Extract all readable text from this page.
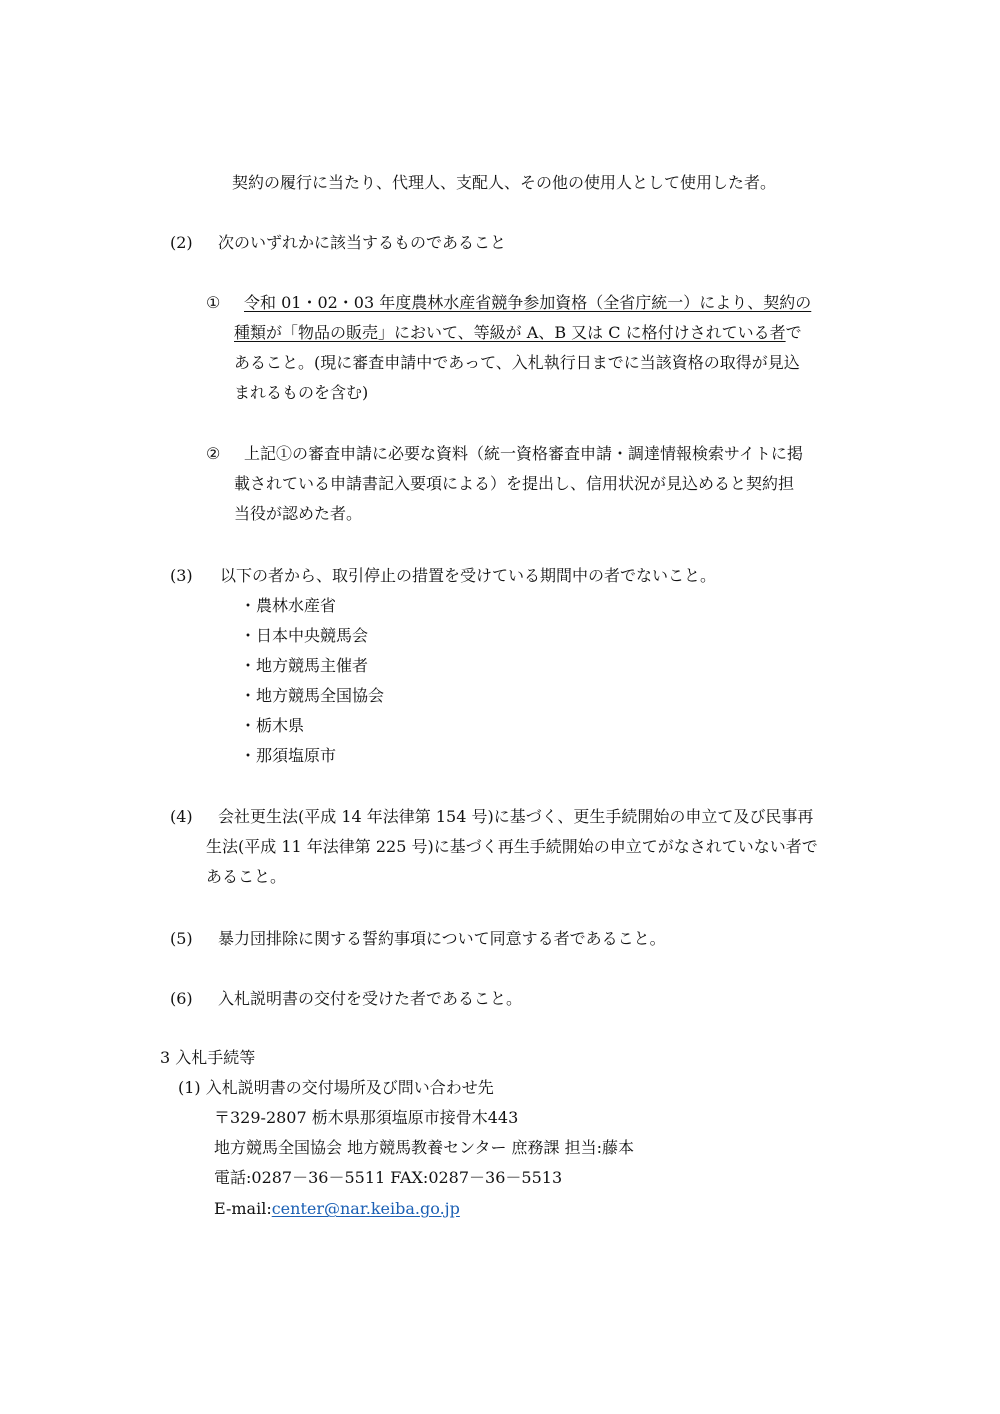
契約の履行に当たり、代理人、支配人、その他の使用人として使用した者。
(2) 次のいずれかに該当するものであること
① 令和 01・02・03 年度農林水産省競争参加資格（全省庁統一）により、契約の
種類が「物品の販売」において、等級が A、B 又は C に格付けされている者で
あること。(現に審査申請中であって、入札執行日までに当該資格の取得が見込
まれるものを含む)
② 上記①の審査申請に必要な資料（統一資格審査申請・調達情報検索サイトに掲
載されている申請書記入要項による）を提出し、信用状況が見込めると契約担
当役が認めた者。
(3) 以下の者から、取引停止の措置を受けている期間中の者でないこと。
・農林水産省
・日本中央競馬会
・地方競馬主催者
・地方競馬全国協会
・栃木県
・那須塩原市
(4) 会社更生法(平成 14 年法律第 154 号)に基づく、更生手続開始の申立て及び民事再
生法(平成 11 年法律第 225 号)に基づく再生手続開始の申立てがなされていない者で
あること。
(5) 暴力団排除に関する誓約事項について同意する者であること。
(6) 入札説明書の交付を受けた者であること。
3 入札手続等
(1) 入札説明書の交付場所及び問い合わせ先
〒329-2807 栃木県那須塩原市接骨木443
地方競馬全国協会 地方競馬教養センター 庶務課 担当:藤本
電話:0287－36－5511 FAX:0287－36－5513
E-mail:center@nar.keiba.go.jp
